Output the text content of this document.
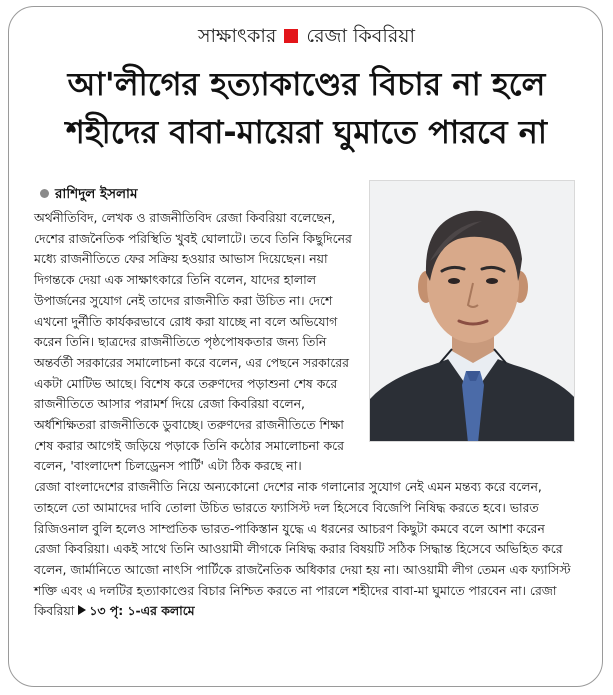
সাক্ষাৎকার রেজা কিবরিয়া
আ'লীগের হত্যাকাণ্ডের বিচার না হলে
শহীদের বাবা-মায়েরা ঘুমাতে পারবে না
রাশিদুল ইসলাম

অর্থনীতিবিদ, লেখক ও রাজনীতিবিদ রেজা কিবরিয়া বলেছেন, দেশের রাজনৈতিক পরিস্থিতি খুবই ঘোলাটে। তবে তিনি কিছুদিনের মধ্যে রাজনীতিতে ফের সক্রিয় হওয়ার আভাস দিয়েছেন। নয়া দিগন্তকে দেয়া এক সাক্ষাৎকারে তিনি বলেন, যাদের হালাল উপার্জনের সুযোগ নেই তাদের রাজনীতি করা উচিত না। দেশে এখনো দুর্নীতি কার্যকরভাবে রোধ করা যাচ্ছে না বলে অভিযোগ করেন তিনি। ছাত্রদের রাজনীতিতে পৃষ্ঠপোষকতার জন্য তিনি অন্তর্বর্তী সরকারের সমালোচনা করে বলেন, এর পেছনে সরকারের একটা মোটিভ আছে। বিশেষ করে তরুণদের পড়াশুনা শেষ করে রাজনীতিতে আসার পরামর্শ দিয়ে রেজা কিবরিয়া বলেন, অর্ধশিক্ষিতরা রাজনীতিকে ডুবাচ্ছে। তরুণদের রাজনীতিতে শিক্ষা শেষ করার আগেই জড়িয়ে পড়াকে তিনি কঠোর সমালোচনা করে বলেন, 'বাংলাদেশ চিলড্রেনস পার্টি' এটা ঠিক করছে না।

রেজা বাংলাদেশের রাজনীতি নিয়ে অন্যকোনো দেশের নাক গলানোর সুযোগ নেই এমন মন্তব্য করে বলেন, তাহলে তো আমাদের দাবি তোলা উচিত ভারতে ফ্যাসিস্ট দল হিসেবে বিজেপি নিষিদ্ধ করতে হবে। ভারত রিজিওনাল বুলি হলেও সাম্প্রতিক ভারত-পাকিস্তান যুদ্ধে এ ধরনের আচরণ কিছুটা কমবে বলে আশা করেন রেজা কিবরিয়া। একই সাথে তিনি আওয়ামী লীগকে নিষিদ্ধ করার বিষয়টি সঠিক সিদ্ধান্ত হিসেবে অভিহিত করে বলেন, জার্মানিতে আজো নাৎসি পার্টিকে রাজনৈতিক অধিকার দেয়া হয় না। আওয়ামী লীগ তেমন এক ফ্যাসিস্ট শক্তি এবং এ দলটির হত্যাকাণ্ডের বিচার নিশ্চিত করতে না পারলে শহীদের বাবা-মা ঘুমাতে পারবেন না। রেজা কিবরিয়া ১৩ পৃ: ১-এর কলামে
